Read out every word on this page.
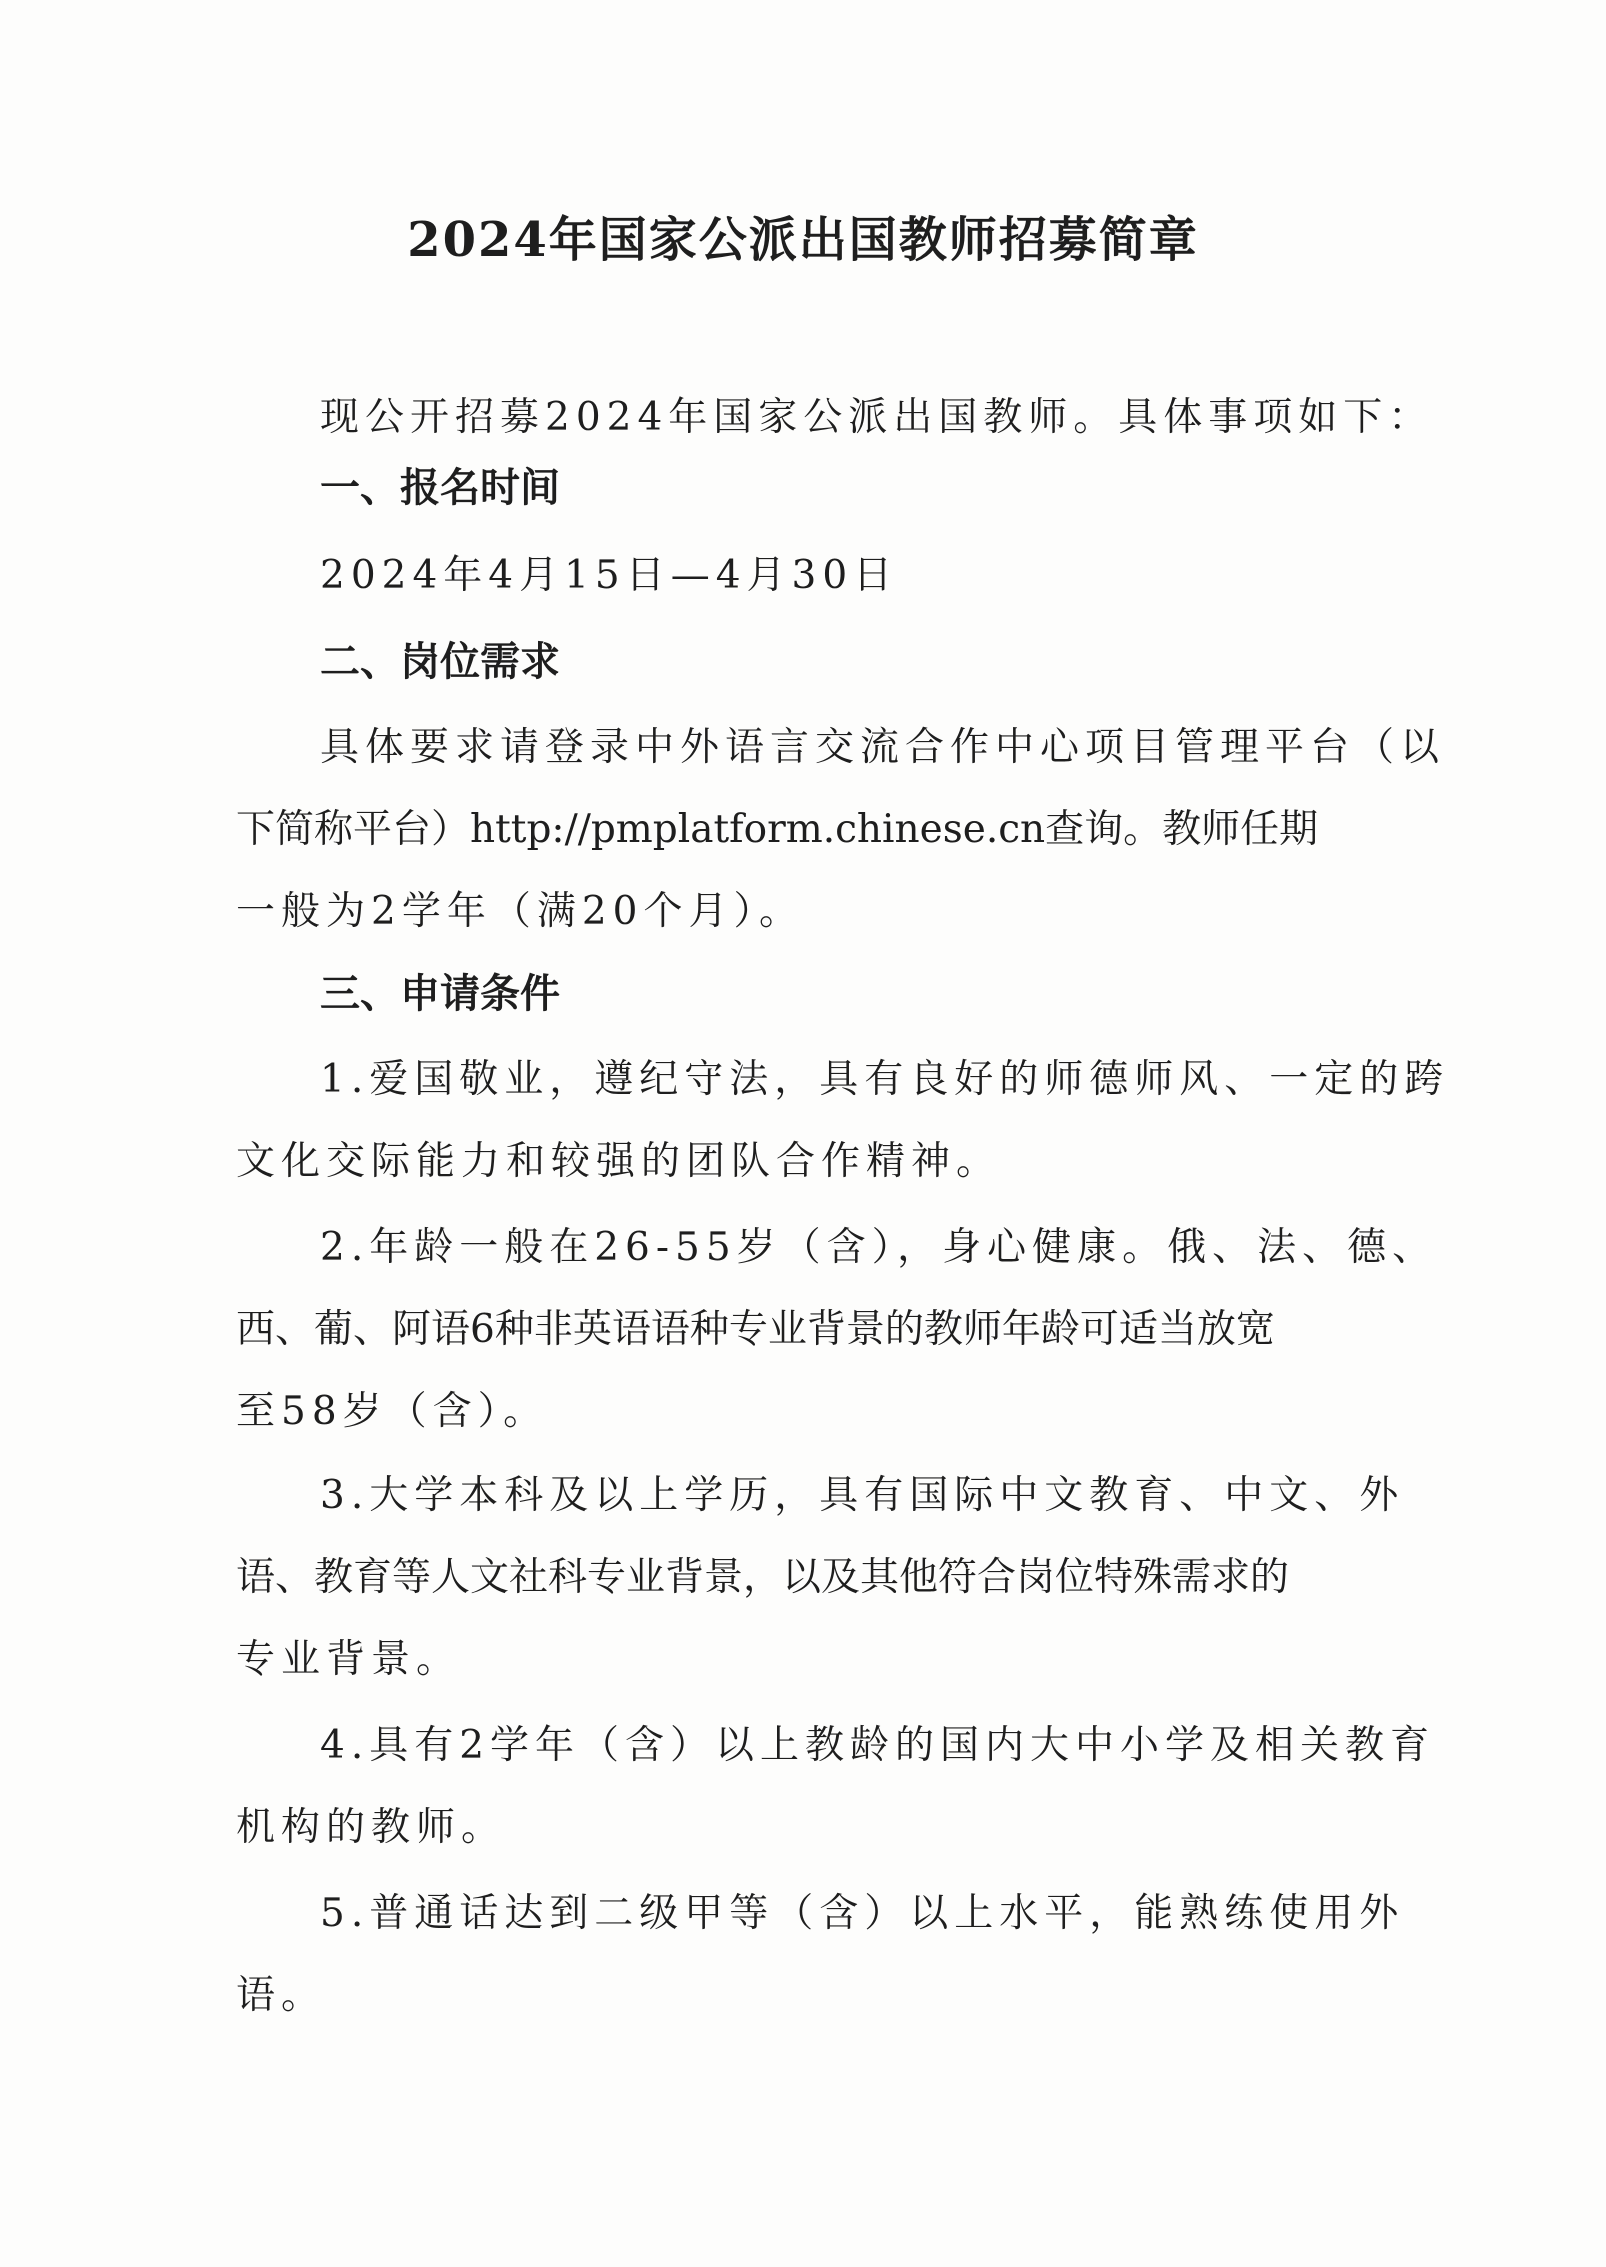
2024年国家公派出国教师招募简章
现公开招募2024年国家公派出国教师。具体事项如下：
一、报名时间
2024年4月15日—4月30日
二、岗位需求
具体要求请登录中外语言交流合作中心项目管理平台（以
下简称平台）http://pmplatform.chinese.cn查询。教师任期
一般为2学年（满20个月）。
三、申请条件
1.爱国敬业，遵纪守法，具有良好的师德师风、一定的跨
文化交际能力和较强的团队合作精神。
2.年龄一般在26-55岁（含），身心健康。俄、法、德、
西、葡、阿语6种非英语语种专业背景的教师年龄可适当放宽
至58岁（含）。
3.大学本科及以上学历，具有国际中文教育、中文、外
语、教育等人文社科专业背景，以及其他符合岗位特殊需求的
专业背景。
4.具有2学年（含）以上教龄的国内大中小学及相关教育
机构的教师。
5.普通话达到二级甲等（含）以上水平，能熟练使用外
语。
